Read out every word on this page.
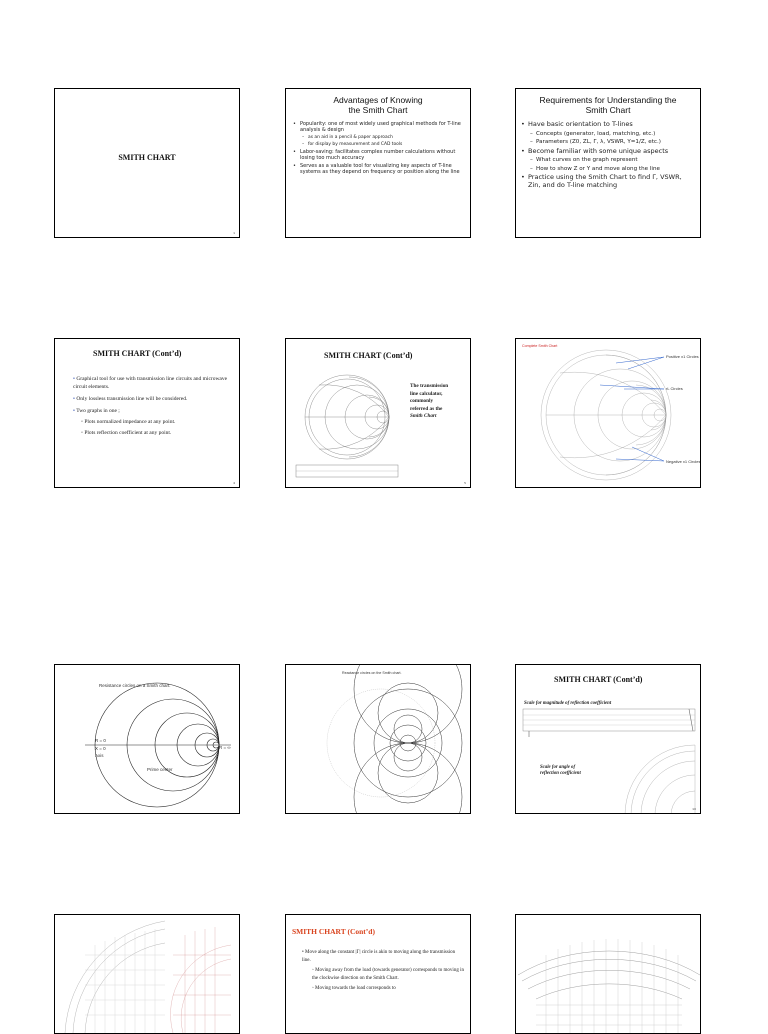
SMITH CHART
1
Advantages of Knowing
the Smith Chart
• Popularity: one of most widely used graphical methods for T-line analysis & design
– as an aid in a pencil & paper approach
– for display by measurement and CAD tools
• Labor-saving: facilitates complex number calculations without losing too much accuracy
• Serves as a valuable tool for visualizing key aspects of T-line systems as they depend on frequency or position along the line
Requirements for Understanding the
Smith Chart
• Have basic orientation to T-lines
– Concepts (generator, load, matching, etc.)
– Parameters (Z0, ZL, Γ, λ, VSWR, Y=1/Z, etc.)
• Become familiar with some unique aspects
– What curves on the graph represent
– How to show Z or Y and move along the line
• Practice using the Smith Chart to find Γ, VSWR, Zin, and do T-line matching
SMITH CHART (Cont’d)
• Graphical tool for use with transmission line circuits and microwave circuit elements.
• Only lossless transmission line will be considered.
• Two graphs in one ;
◦ Plots normalized impedance at any point.
◦ Plots reflection coefficient at any point.
4
SMITH CHART (Cont’d)
The transmission
line calculator,
commonly
referred as the
Smith Chart
5
Complete Smith Chart
Positive x1 Circles
rL Circles
Negative x1 Circles
Resistance circles on a Smith chart.
R = 0
X = 0
Axis
Prime center
R = ∞
Reactance circles on the Smith chart.
SMITH CHART (Cont’d)
Scale for magnitude of reflection coefficient
Scale for angle of
reflection coefficient
10
SMITH CHART (Cont’d)
• Move along the constant |Γ| circle is akin to moving along the transmission line.
◦ Moving away from the load (towards generator) corresponds to moving in the clockwise direction on the Smith Chart.
◦ Moving towards the load corresponds to
